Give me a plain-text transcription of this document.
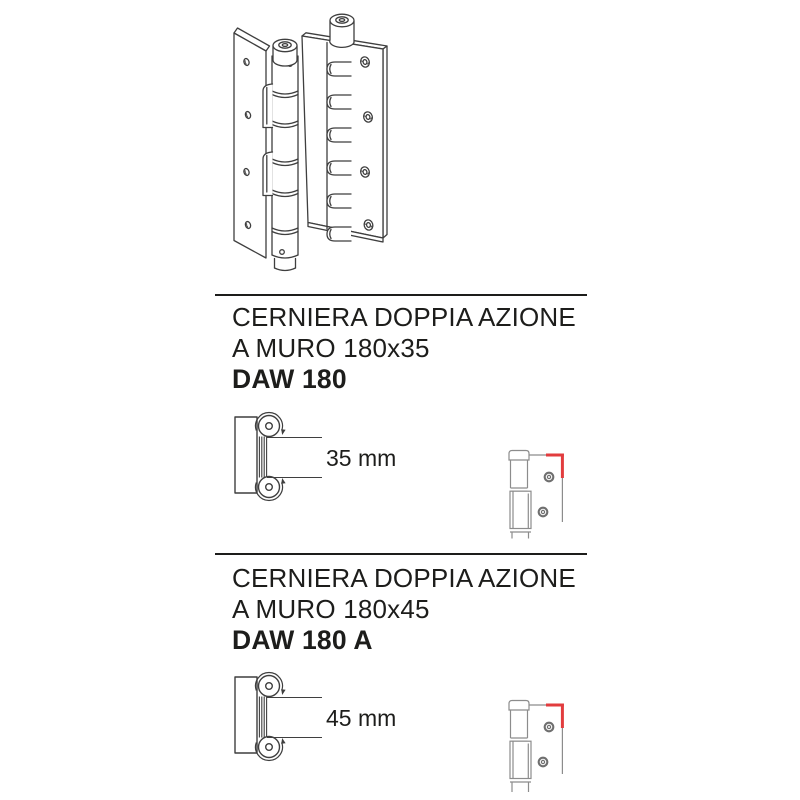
CERNIERA DOPPIA AZIONE
A MURO 180x35
DAW 180
35 mm
CERNIERA DOPPIA AZIONE
A MURO 180x45
DAW 180 A
45 mm
